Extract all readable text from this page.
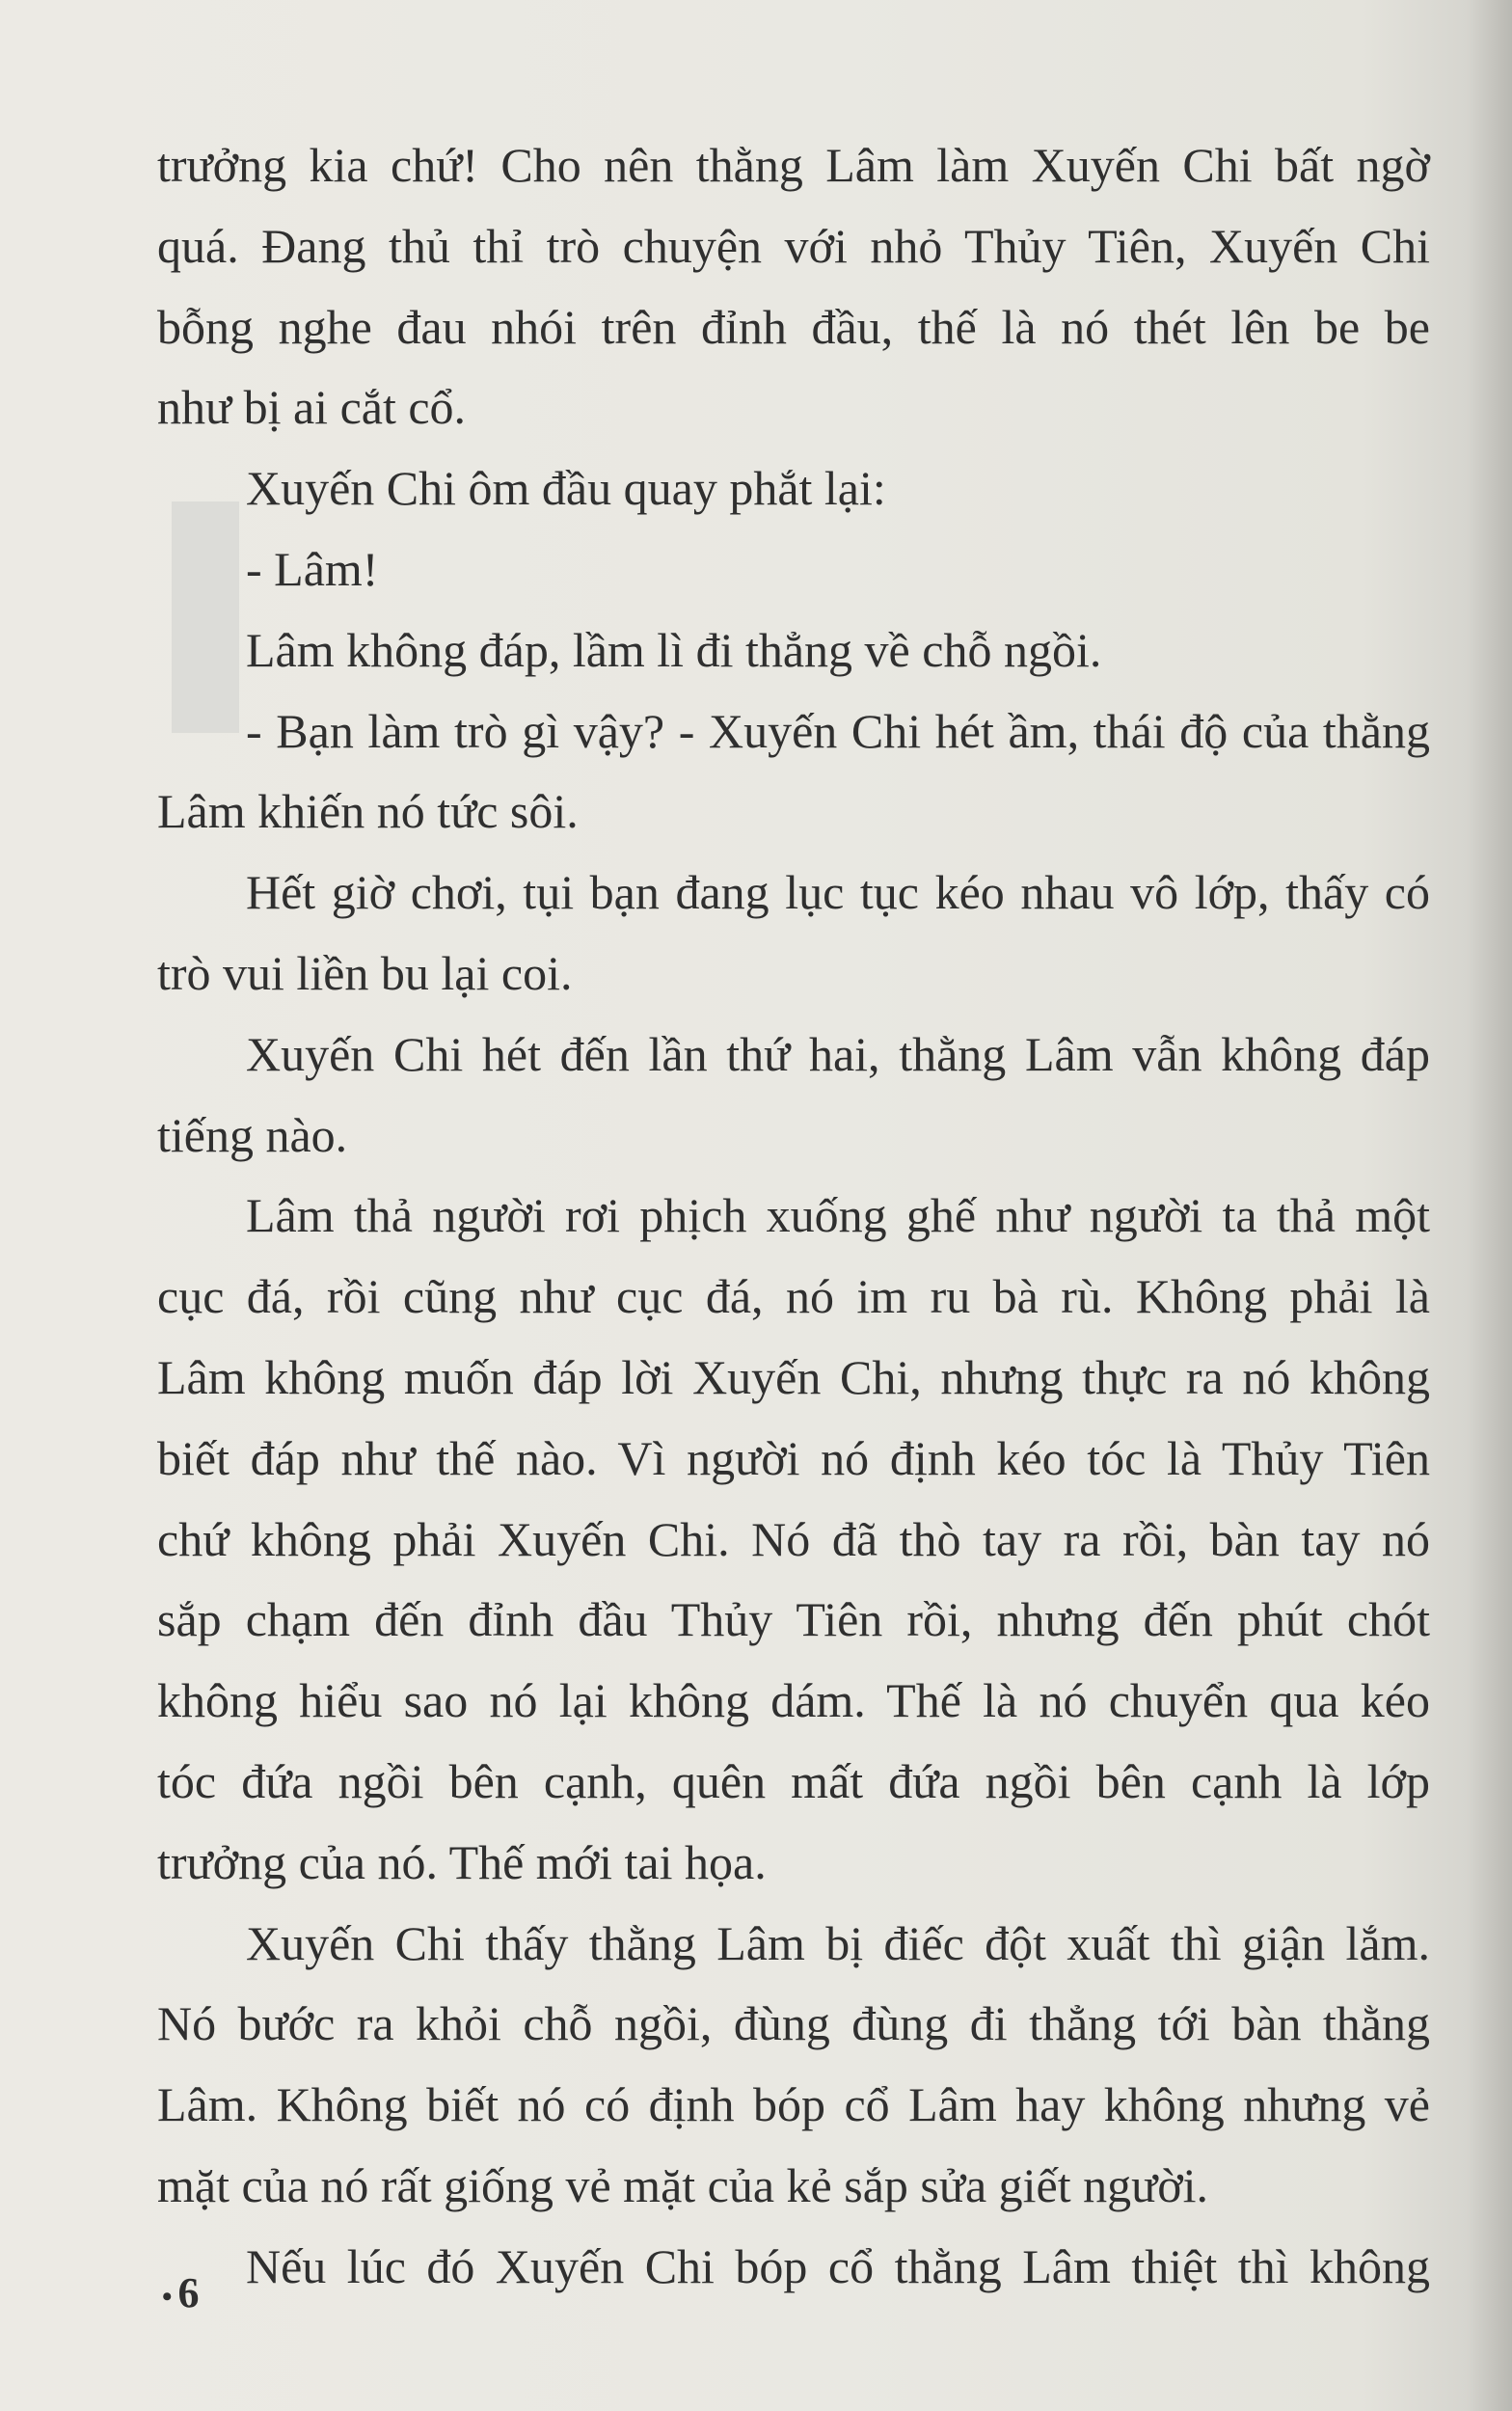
trưởng kia chứ! Cho nên thằng Lâm làm Xuyến Chi bất ngờ
quá. Đang thủ thỉ trò chuyện với nhỏ Thủy Tiên, Xuyến Chi
bỗng nghe đau nhói trên đỉnh đầu, thế là nó thét lên be be
như bị ai cắt cổ.
Xuyến Chi ôm đầu quay phắt lại:
- Lâm!
Lâm không đáp, lầm lì đi thẳng về chỗ ngồi.
- Bạn làm trò gì vậy? - Xuyến Chi hét ầm, thái độ của thằng
Lâm khiến nó tức sôi.
Hết giờ chơi, tụi bạn đang lục tục kéo nhau vô lớp, thấy có
trò vui liền bu lại coi.
Xuyến Chi hét đến lần thứ hai, thằng Lâm vẫn không đáp
tiếng nào.
Lâm thả người rơi phịch xuống ghế như người ta thả một
cục đá, rồi cũng như cục đá, nó im ru bà rù. Không phải là
Lâm không muốn đáp lời Xuyến Chi, nhưng thực ra nó không
biết đáp như thế nào. Vì người nó định kéo tóc là Thủy Tiên
chứ không phải Xuyến Chi. Nó đã thò tay ra rồi, bàn tay nó
sắp chạm đến đỉnh đầu Thủy Tiên rồi, nhưng đến phút chót
không hiểu sao nó lại không dám. Thế là nó chuyển qua kéo
tóc đứa ngồi bên cạnh, quên mất đứa ngồi bên cạnh là lớp
trưởng của nó. Thế mới tai họa.
Xuyến Chi thấy thằng Lâm bị điếc đột xuất thì giận lắm.
Nó bước ra khỏi chỗ ngồi, đùng đùng đi thẳng tới bàn thằng
Lâm. Không biết nó có định bóp cổ Lâm hay không nhưng vẻ
mặt của nó rất giống vẻ mặt của kẻ sắp sửa giết người.
Nếu lúc đó Xuyến Chi bóp cổ thằng Lâm thiệt thì không
• 6
